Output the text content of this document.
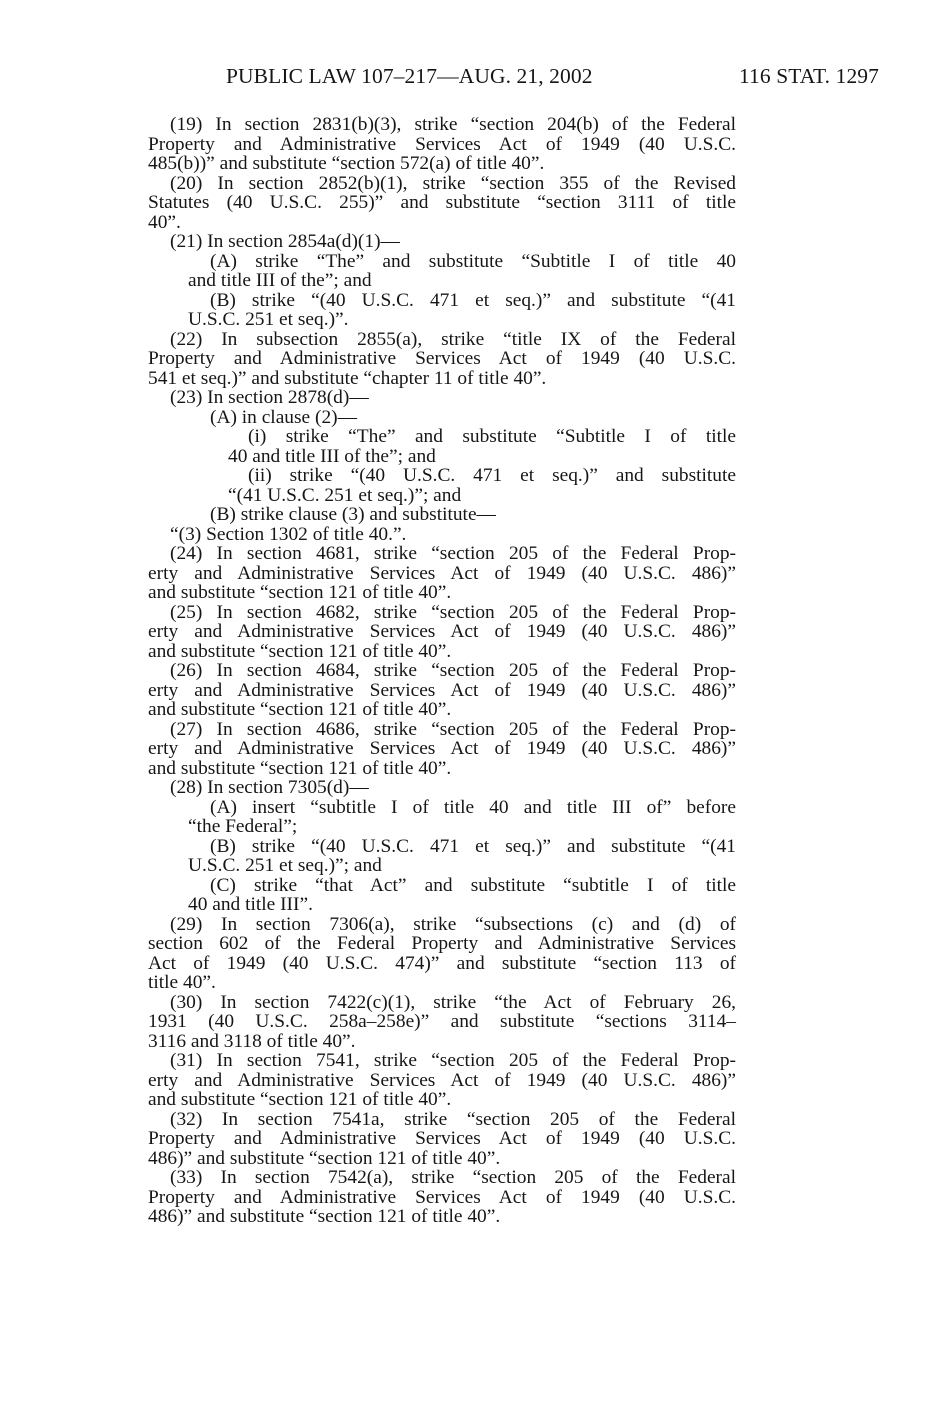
PUBLIC LAW 107–217—AUG. 21, 2002	116 STAT. 1297
(19) In section 2831(b)(3), strike “section 204(b) of the Federal
Property and Administrative Services Act of 1949 (40 U.S.C.
485(b))” and substitute “section 572(a) of title 40”.
(20) In section 2852(b)(1), strike “section 355 of the Revised
Statutes (40 U.S.C. 255)” and substitute “section 3111 of title
40”.
(21) In section 2854a(d)(1)—
(A) strike “The” and substitute “Subtitle I of title 40
and title III of the”; and
(B) strike “(40 U.S.C. 471 et seq.)” and substitute “(41
U.S.C. 251 et seq.)”.
(22) In subsection 2855(a), strike “title IX of the Federal
Property and Administrative Services Act of 1949 (40 U.S.C.
541 et seq.)” and substitute “chapter 11 of title 40”.
(23) In section 2878(d)—
(A) in clause (2)—
(i) strike “The” and substitute “Subtitle I of title
40 and title III of the”; and
(ii) strike “(40 U.S.C. 471 et seq.)” and substitute
“(41 U.S.C. 251 et seq.)”; and
(B) strike clause (3) and substitute—
“(3) Section 1302 of title 40.”.
(24) In section 4681, strike “section 205 of the Federal Prop-
erty and Administrative Services Act of 1949 (40 U.S.C. 486)”
and substitute “section 121 of title 40”.
(25) In section 4682, strike “section 205 of the Federal Prop-
erty and Administrative Services Act of 1949 (40 U.S.C. 486)”
and substitute “section 121 of title 40”.
(26) In section 4684, strike “section 205 of the Federal Prop-
erty and Administrative Services Act of 1949 (40 U.S.C. 486)”
and substitute “section 121 of title 40”.
(27) In section 4686, strike “section 205 of the Federal Prop-
erty and Administrative Services Act of 1949 (40 U.S.C. 486)”
and substitute “section 121 of title 40”.
(28) In section 7305(d)—
(A) insert “subtitle I of title 40 and title III of” before
“the Federal”;
(B) strike “(40 U.S.C. 471 et seq.)” and substitute “(41
U.S.C. 251 et seq.)”; and
(C) strike “that Act” and substitute “subtitle I of title
40 and title III”.
(29) In section 7306(a), strike “subsections (c) and (d) of
section 602 of the Federal Property and Administrative Services
Act of 1949 (40 U.S.C. 474)” and substitute “section 113 of
title 40”.
(30) In section 7422(c)(1), strike “the Act of February 26,
1931 (40 U.S.C. 258a–258e)” and substitute “sections 3114–
3116 and 3118 of title 40”.
(31) In section 7541, strike “section 205 of the Federal Prop-
erty and Administrative Services Act of 1949 (40 U.S.C. 486)”
and substitute “section 121 of title 40”.
(32) In section 7541a, strike “section 205 of the Federal
Property and Administrative Services Act of 1949 (40 U.S.C.
486)” and substitute “section 121 of title 40”.
(33) In section 7542(a), strike “section 205 of the Federal
Property and Administrative Services Act of 1949 (40 U.S.C.
486)” and substitute “section 121 of title 40”.
